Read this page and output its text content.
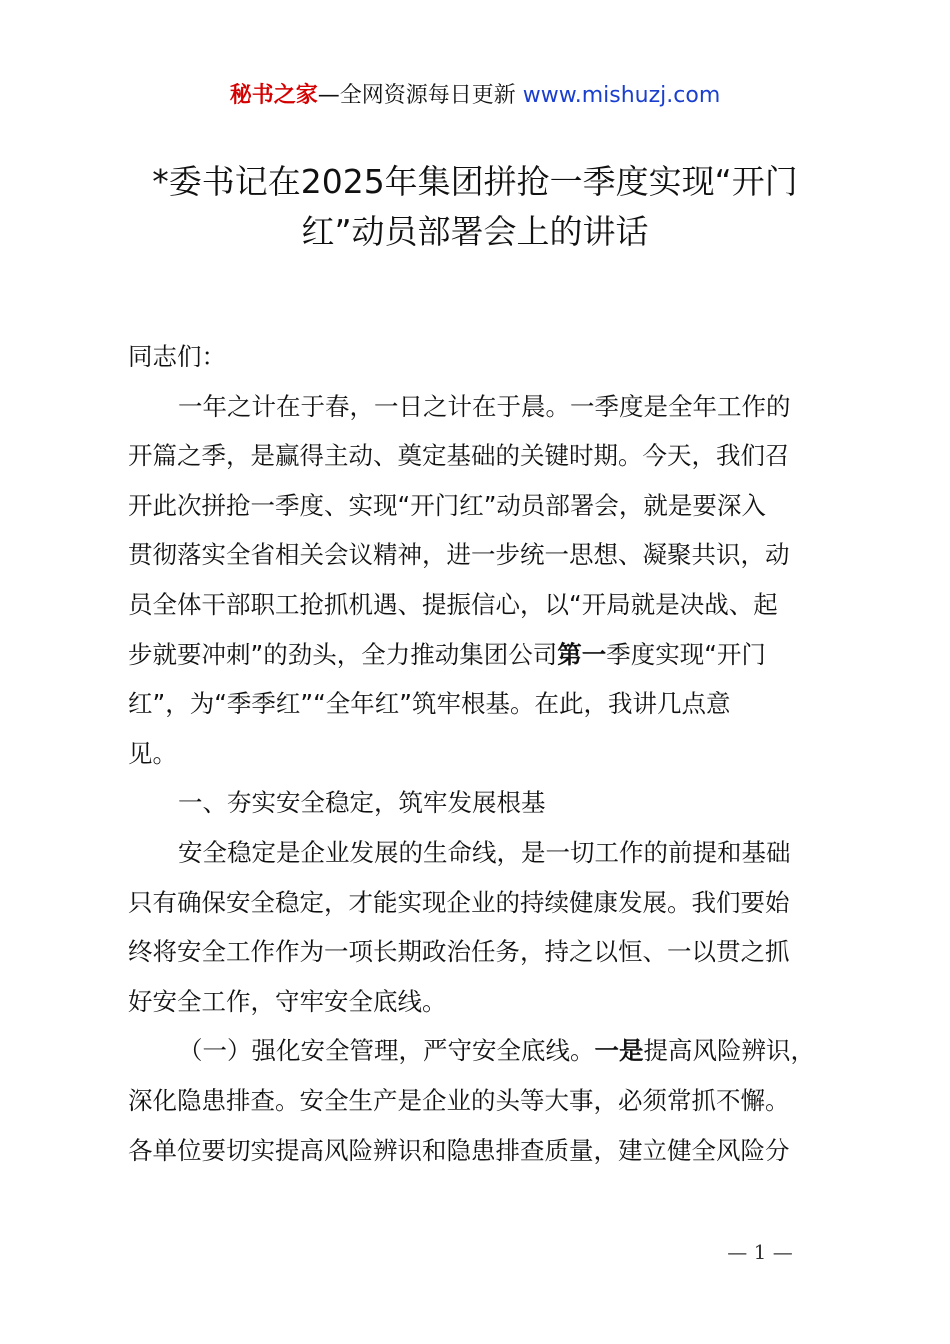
秘书之家—全网资源每日更新 www.mishuzj.com
*委书记在2025年集团拼抢一季度实现“开门
红”动员部署会上的讲话
同志们：
一年之计在于春，一日之计在于晨。一季度是全年工作的
开篇之季，是赢得主动、奠定基础的关键时期。今天，我们召
开此次拼抢一季度、实现“开门红”动员部署会，就是要深入
贯彻落实全省相关会议精神，进一步统一思想、凝聚共识，动
员全体干部职工抢抓机遇、提振信心，以“开局就是决战、起
步就要冲刺”的劲头，全力推动集团公司第一季度实现“开门
红”，为“季季红”“全年红”筑牢根基。在此，我讲几点意
见。
一、夯实安全稳定，筑牢发展根基
安全稳定是企业发展的生命线，是一切工作的前提和基础
只有确保安全稳定，才能实现企业的持续健康发展。我们要始
终将安全工作作为一项长期政治任务，持之以恒、一以贯之抓
好安全工作，守牢安全底线。
（一）强化安全管理，严守安全底线。一是提高风险辨识，
深化隐患排查。安全生产是企业的头等大事，必须常抓不懈。
各单位要切实提高风险辨识和隐患排查质量，建立健全风险分
— 1 —
